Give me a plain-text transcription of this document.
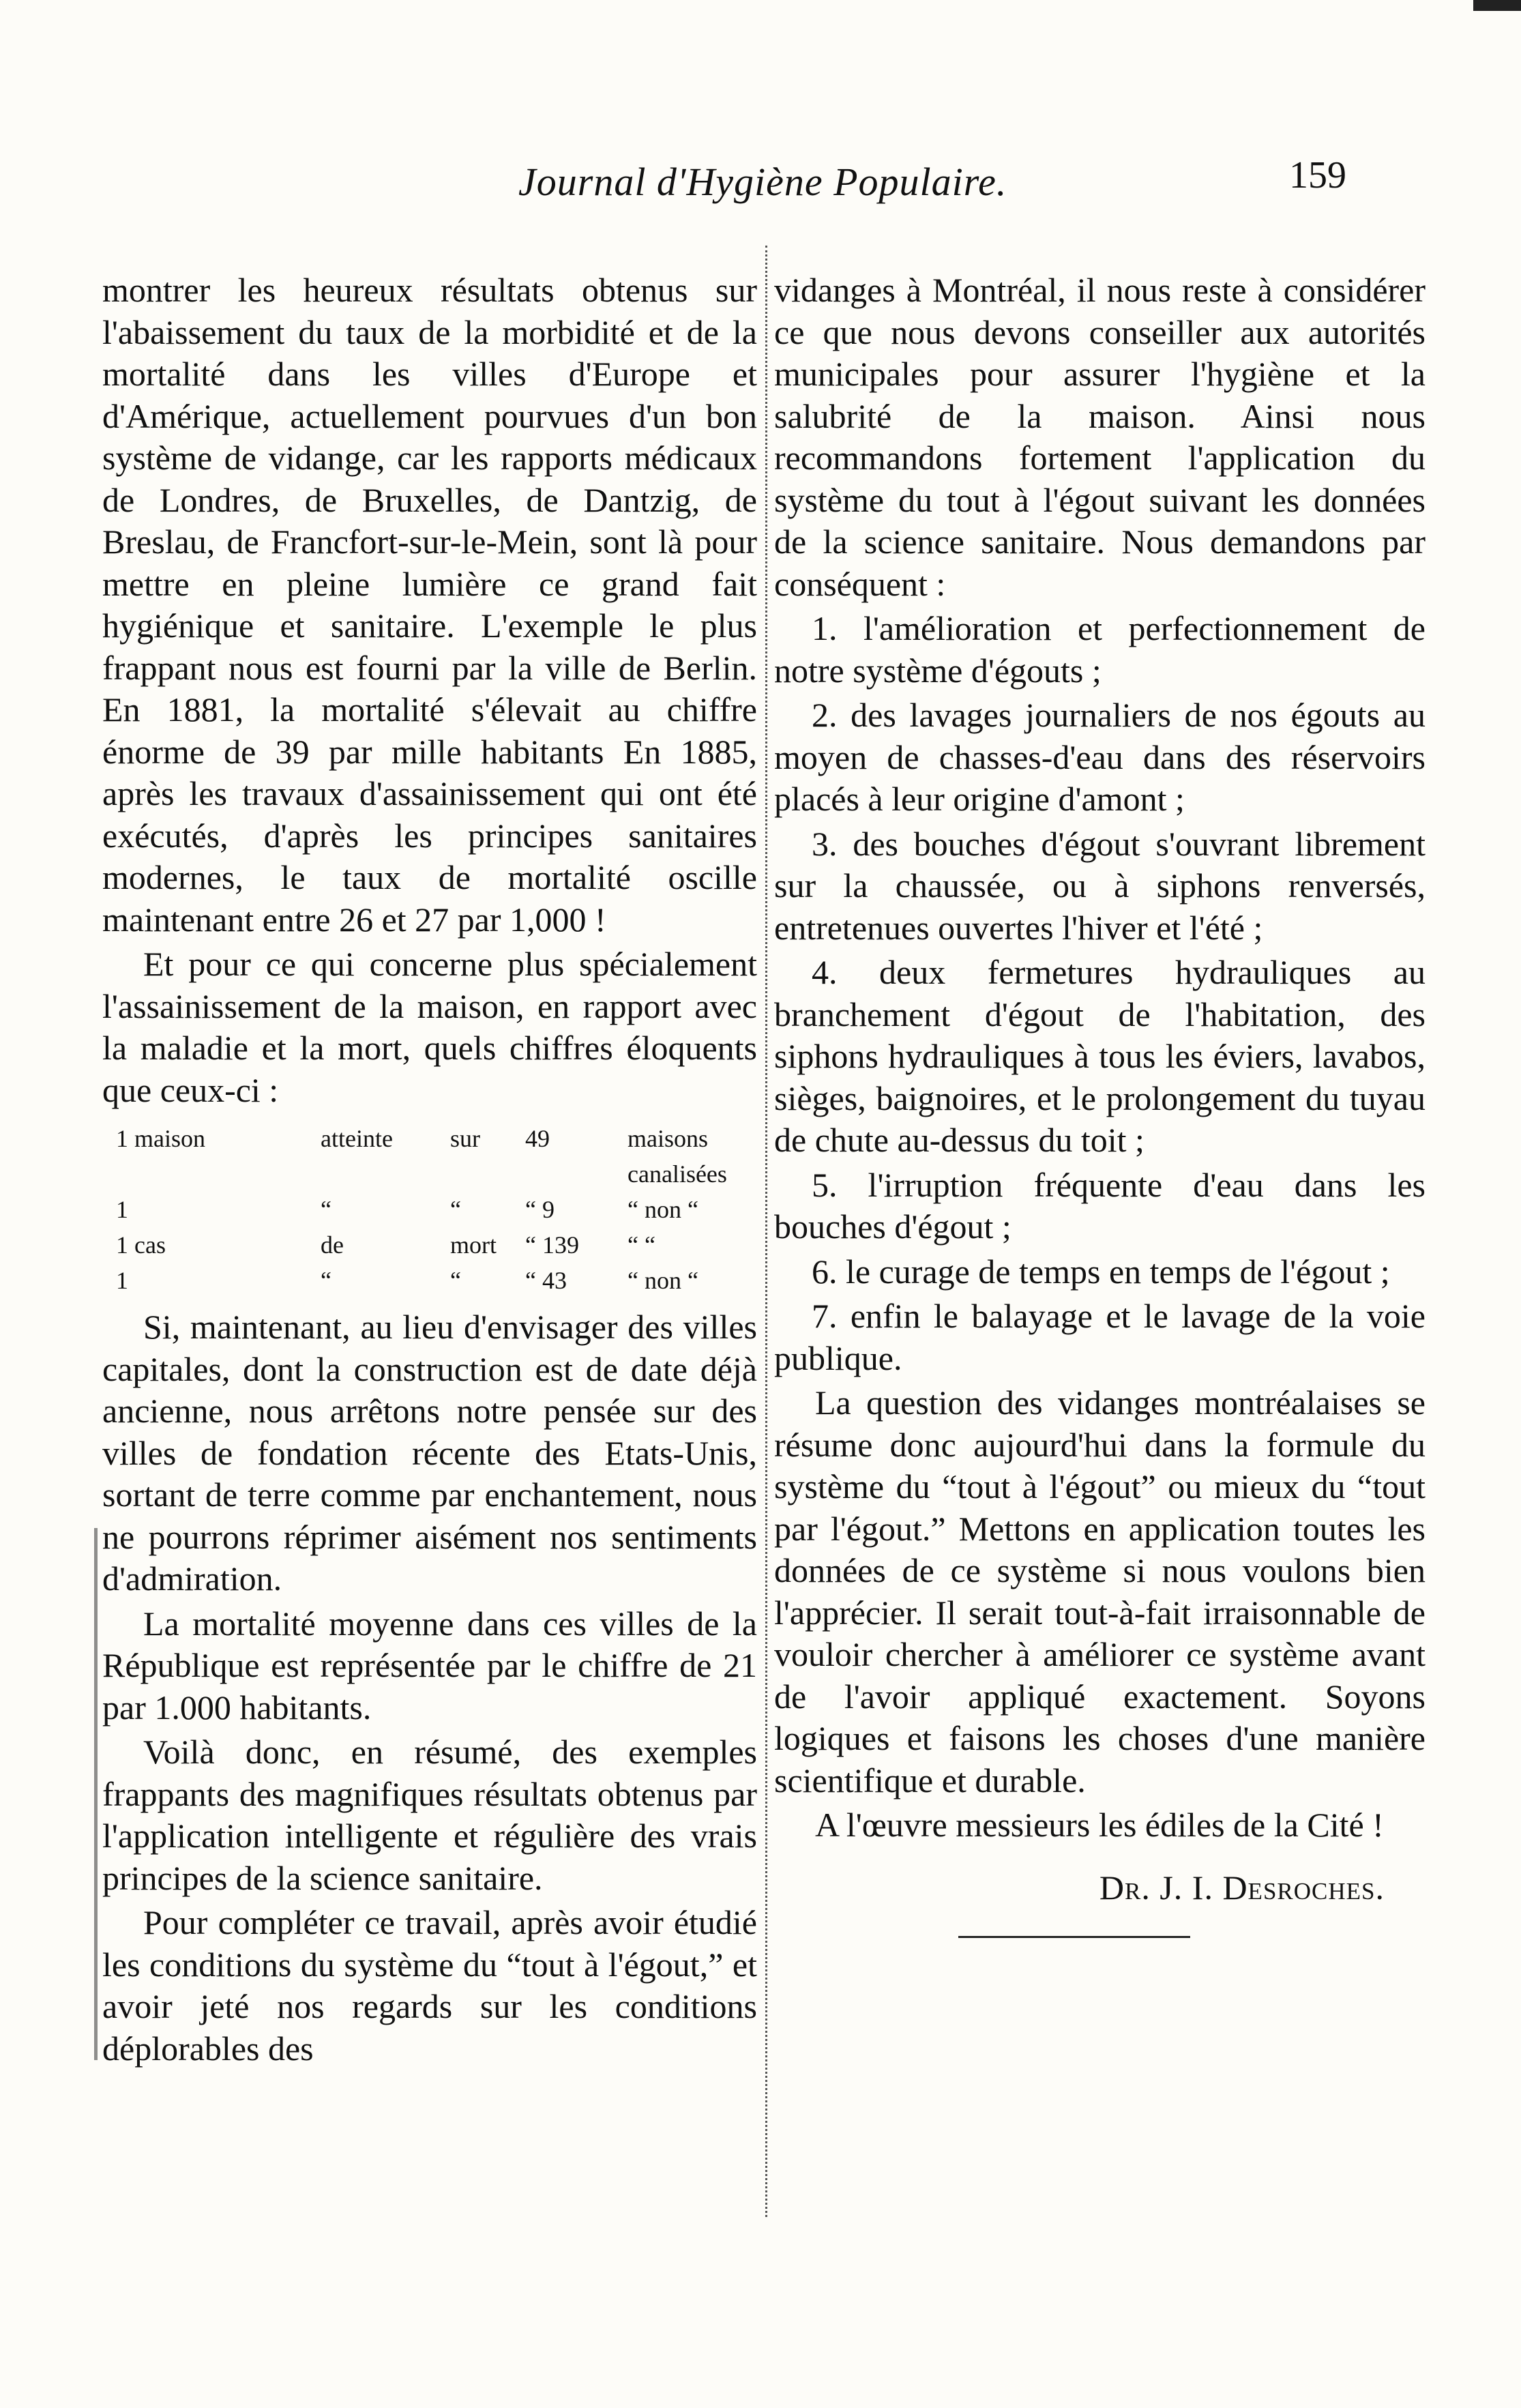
Journal d'Hygiène Populaire.	159

montrer les heureux résultats obtenus sur l'abaissement du taux de la morbidité et de la mortalité dans les villes d'Europe et d'Amérique, actuellement pourvues d'un bon système de vidange, car les rapports médicaux de Londres, de Bruxelles, de Dantzig, de Breslau, de Francfort-sur-le-Mein, sont là pour mettre en pleine lumière ce grand fait hygiénique et sanitaire. L'exemple le plus frappant nous est fourni par la ville de Berlin. En 1881, la mortalité s'élevait au chiffre énorme de 39 par mille habitants En 1885, après les travaux d'assainissement qui ont été exécutés, d'après les principes sanitaires modernes, le taux de mortalité oscille maintenant entre 26 et 27 par 1,000 !

Et pour ce qui concerne plus spécialement l'assainissement de la maison, en rapport avec la maladie et la mort, quels chiffres éloquents que ceux-ci :

1 maison	atteinte	sur	49	maisons canalisées
1	“	“	“ 9	“ non “
1 cas	de	mort	“ 139	“ “
1	“	“	“ 43	“ non “

Si, maintenant, au lieu d'envisager des villes capitales, dont la construction est de date déjà ancienne, nous arrêtons notre pensée sur des villes de fondation récente des Etats-Unis, sortant de terre comme par enchantement, nous ne pourrons réprimer aisément nos sentiments d'admiration.

La mortalité moyenne dans ces villes de la République est représentée par le chiffre de 21 par 1.000 habitants.

Voilà donc, en résumé, des exemples frappants des magnifiques résultats obtenus par l'application intelligente et régulière des vrais principes de la science sanitaire.

Pour compléter ce travail, après avoir étudié les conditions du système du “tout à l'égout,” et avoir jeté nos regards sur les conditions déplorables des

vidanges à Montréal, il nous reste à considérer ce que nous devons conseiller aux autorités municipales pour assurer l'hygiène et la salubrité de la maison. Ainsi nous recommandons fortement l'application du système du tout à l'égout suivant les données de la science sanitaire. Nous demandons par conséquent :

1. l'amélioration et perfectionnement de notre système d'égouts ;

2. des lavages journaliers de nos égouts au moyen de chasses-d'eau dans des réservoirs placés à leur origine d'amont ;

3. des bouches d'égout s'ouvrant librement sur la chaussée, ou à siphons renversés, entretenues ouvertes l'hiver et l'été ;

4. deux fermetures hydrauliques au branchement d'égout de l'habitation, des siphons hydrauliques à tous les éviers, lavabos, sièges, baignoires, et le prolongement du tuyau de chute au-dessus du toit ;

5. l'irruption fréquente d'eau dans les bouches d'égout ;

6. le curage de temps en temps de l'égout ;

7. enfin le balayage et le lavage de la voie publique.

La question des vidanges montréalaises se résume donc aujourd'hui dans la formule du système du “tout à l'égout” ou mieux du “tout par l'égout.” Mettons en application toutes les données de ce système si nous voulons bien l'apprécier. Il serait tout-à-fait irraisonnable de vouloir chercher à améliorer ce système avant de l'avoir appliqué exactement. Soyons logiques et faisons les choses d'une manière scientifique et durable.

A l'œuvre messieurs les édiles de la Cité !

Dr. J. I. Desroches.
